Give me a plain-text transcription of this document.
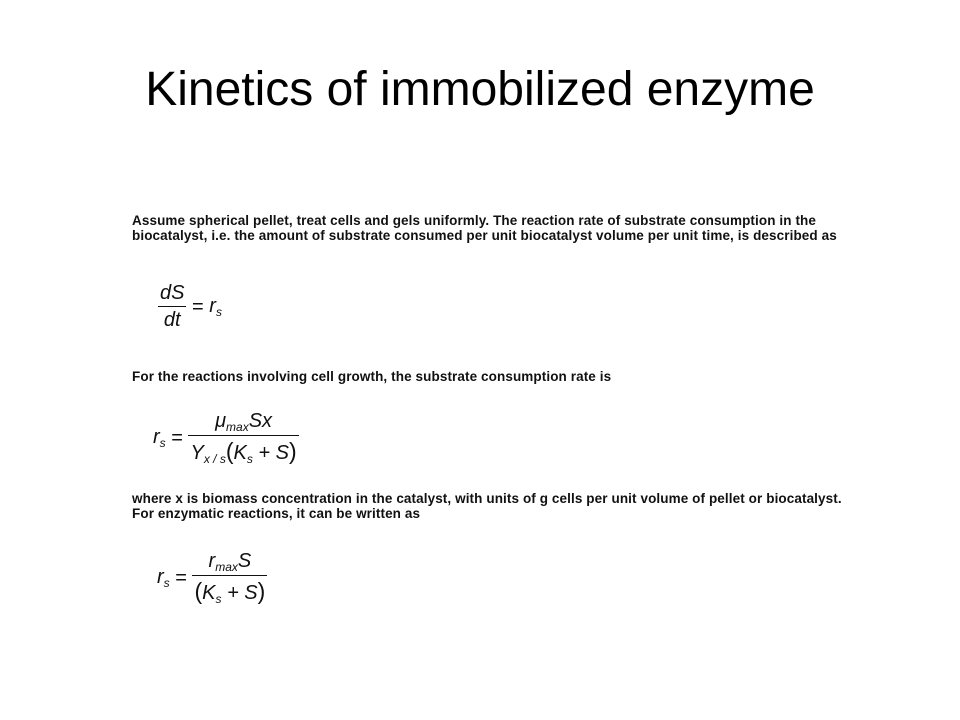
Kinetics of immobilized enzyme

Assume spherical pellet, treat cells and gels uniformly. The reaction rate of substrate consumption in the biocatalyst, i.e. the amount of substrate consumed per unit biocatalyst volume per unit time, is described as

$\frac{dS}{dt} = r_s$

For the reactions involving cell growth, the substrate consumption rate is

$r_s = \frac{\mu_{max}Sx}{Y_{x / s}(K_s + S)}$

where x is biomass concentration in the catalyst, with units of g cells per unit volume of pellet or biocatalyst. For enzymatic reactions, it can be written as

$r_s = \frac{r_{max}S}{(K_s + S)}$
